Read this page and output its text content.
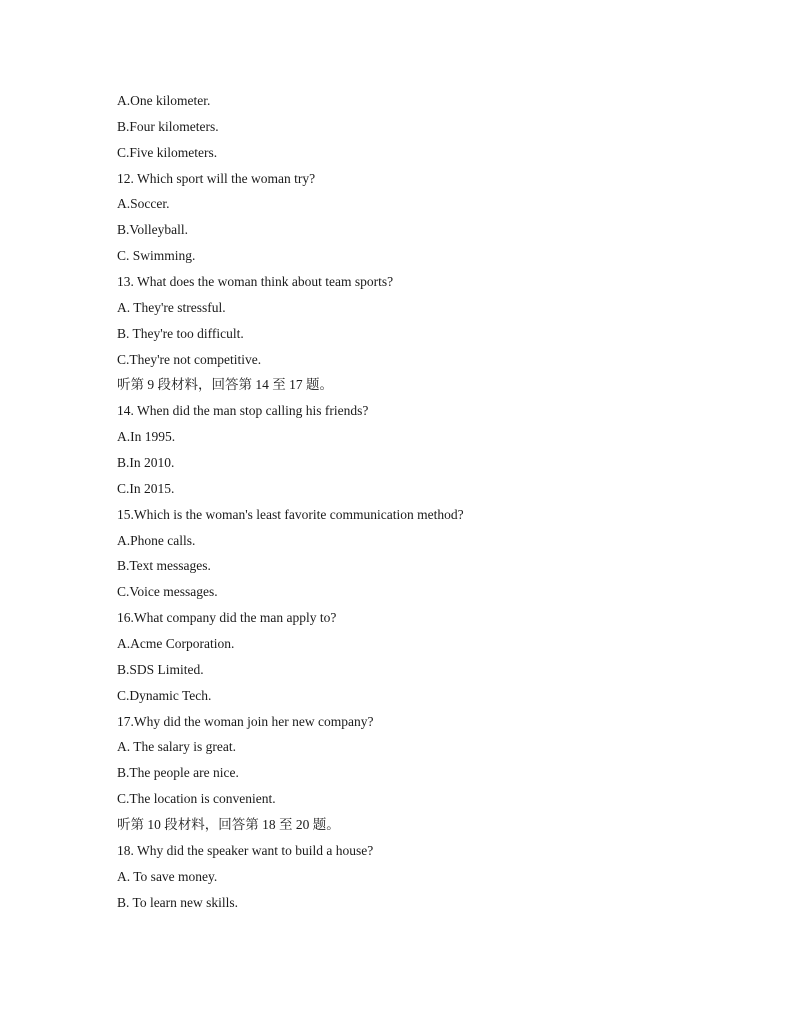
A.One kilometer.
B.Four kilometers.
C.Five kilometers.
12. Which sport will the woman try?
A.Soccer.
B.Volleyball.
C. Swimming.
13. What does the woman think about team sports?
A. They're stressful.
B. They're too difficult.
C.They're not competitive.
听第 9 段材料，回答第 14 至 17 题。
14. When did the man stop calling his friends?
A.In 1995.
B.In 2010.
C.In 2015.
15.Which is the woman's least favorite communication method?
A.Phone calls.
B.Text messages.
C.Voice messages.
16.What company did the man apply to?
A.Acme Corporation.
B.SDS Limited.
C.Dynamic Tech.
17.Why did the woman join her new company?
A. The salary is great.
B.The people are nice.
C.The location is convenient.
听第 10 段材料，回答第 18 至 20 题。
18. Why did the speaker want to build a house?
A. To save money.
B. To learn new skills.
